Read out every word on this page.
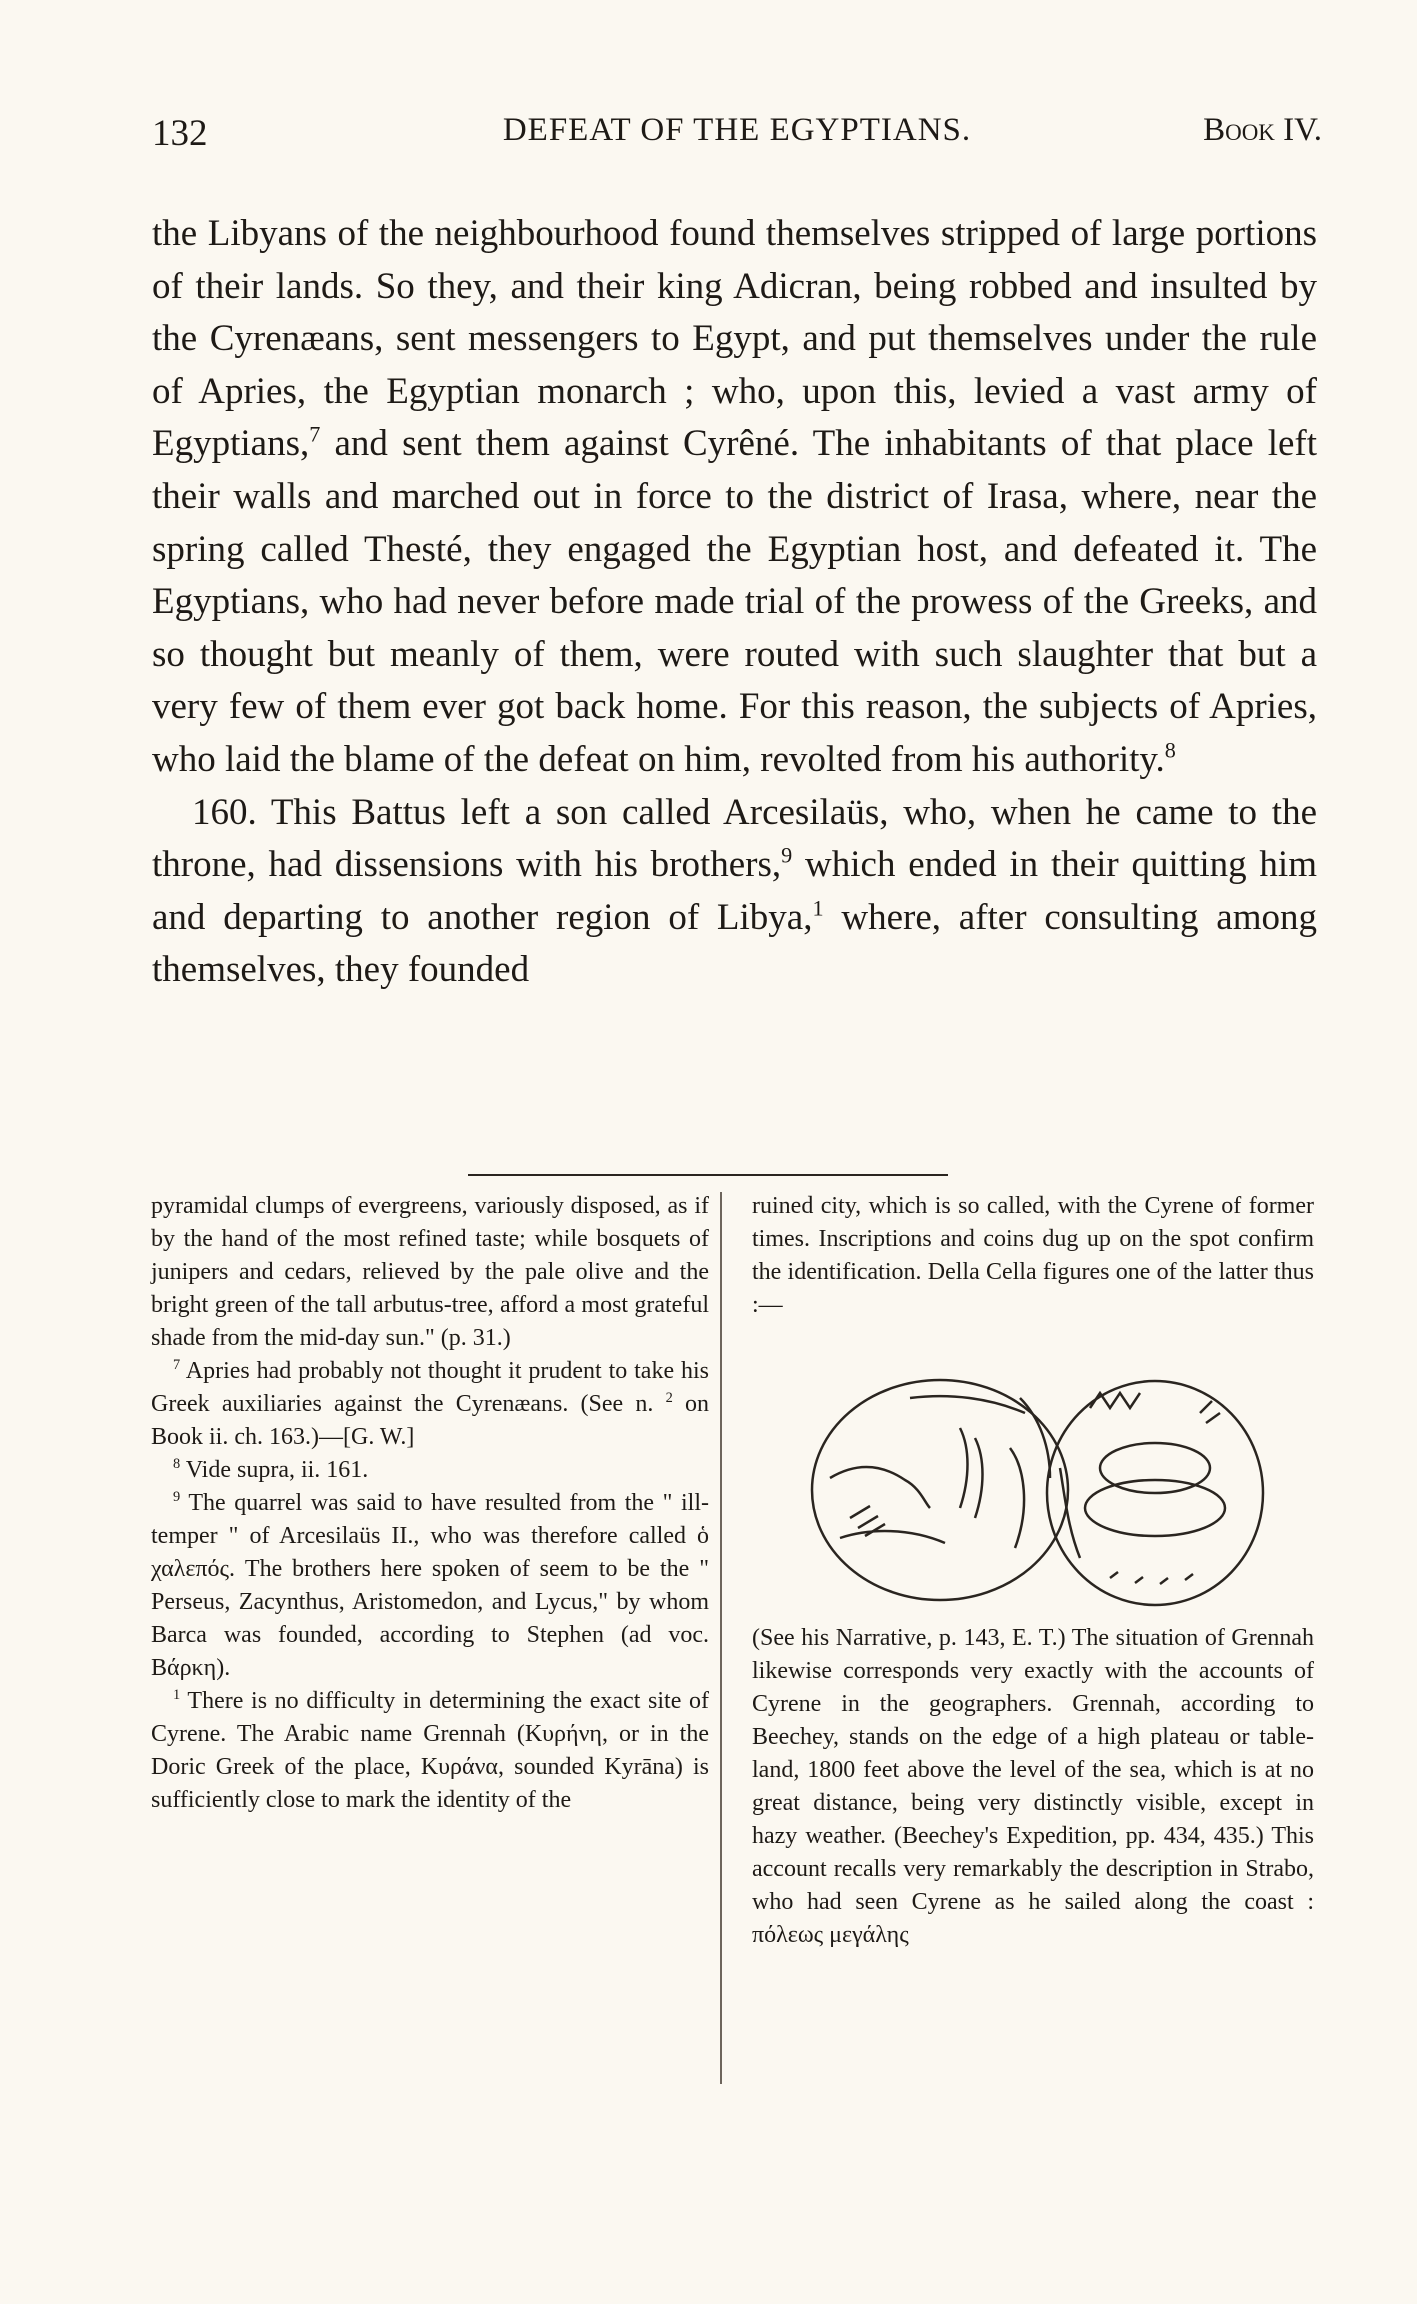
132	DEFEAT OF THE EGYPTIANS.	Book IV.

the Libyans of the neighbourhood found themselves stripped of large portions of their lands. So they, and their king Adicran, being robbed and insulted by the Cyrenæans, sent messengers to Egypt, and put themselves under the rule of Apries, the Egyptian monarch ; who, upon this, levied a vast army of Egyptians,$^7$ and sent them against Cyrêné. The inhabitants of that place left their walls and marched out in force to the district of Irasa, where, near the spring called Thesté, they engaged the Egyptian host, and defeated it. The Egyptians, who had never before made trial of the prowess of the Greeks, and so thought but meanly of them, were routed with such slaughter that but a very few of them ever got back home. For this reason, the subjects of Apries, who laid the blame of the defeat on him, revolted from his authority.$^8$

160. This Battus left a son called Arcesilaüs, who, when he came to the throne, had dissensions with his brothers,$^9$ which ended in their quitting him and departing to another region of Libya,$^1$ where, after consulting among themselves, they founded

pyramidal clumps of evergreens, variously disposed, as if by the hand of the most refined taste; while bosquets of junipers and cedars, relieved by the pale olive and the bright green of the tall arbutus-tree, afford a most grateful shade from the mid-day sun." (p. 31.)

$^7$ Apries had probably not thought it prudent to take his Greek auxiliaries against the Cyrenæans. (See n. $^2$ on Book ii. ch. 163.)—[G. W.]

$^8$ Vide supra, ii. 161.

$^9$ The quarrel was said to have resulted from the " ill-temper " of Arcesilaüs II., who was therefore called ὁ χαλεπός. The brothers here spoken of seem to be the " Perseus, Zacynthus, Aristomedon, and Lycus," by whom Barca was founded, according to Stephen (ad voc. Βάρκη).

$^1$ There is no difficulty in determining the exact site of Cyrene. The Arabic name Grennah (Κυρήνη, or in the Doric Greek of the place, Κυράνα, sounded Kyrāna) is sufficiently close to mark the identity of the

ruined city, which is so called, with the Cyrene of former times. Inscriptions and coins dug up on the spot confirm the identification. Della Cella figures one of the latter thus :—

(See his Narrative, p. 143, E. T.) The situation of Grennah likewise corresponds very exactly with the accounts of Cyrene in the geographers. Grennah, according to Beechey, stands on the edge of a high plateau or table-land, 1800 feet above the level of the sea, which is at no great distance, being very distinctly visible, except in hazy weather. (Beechey's Expedition, pp. 434, 435.) This account recalls very remarkably the description in Strabo, who had seen Cyrene as he sailed along the coast : πόλεως μεγάλης
